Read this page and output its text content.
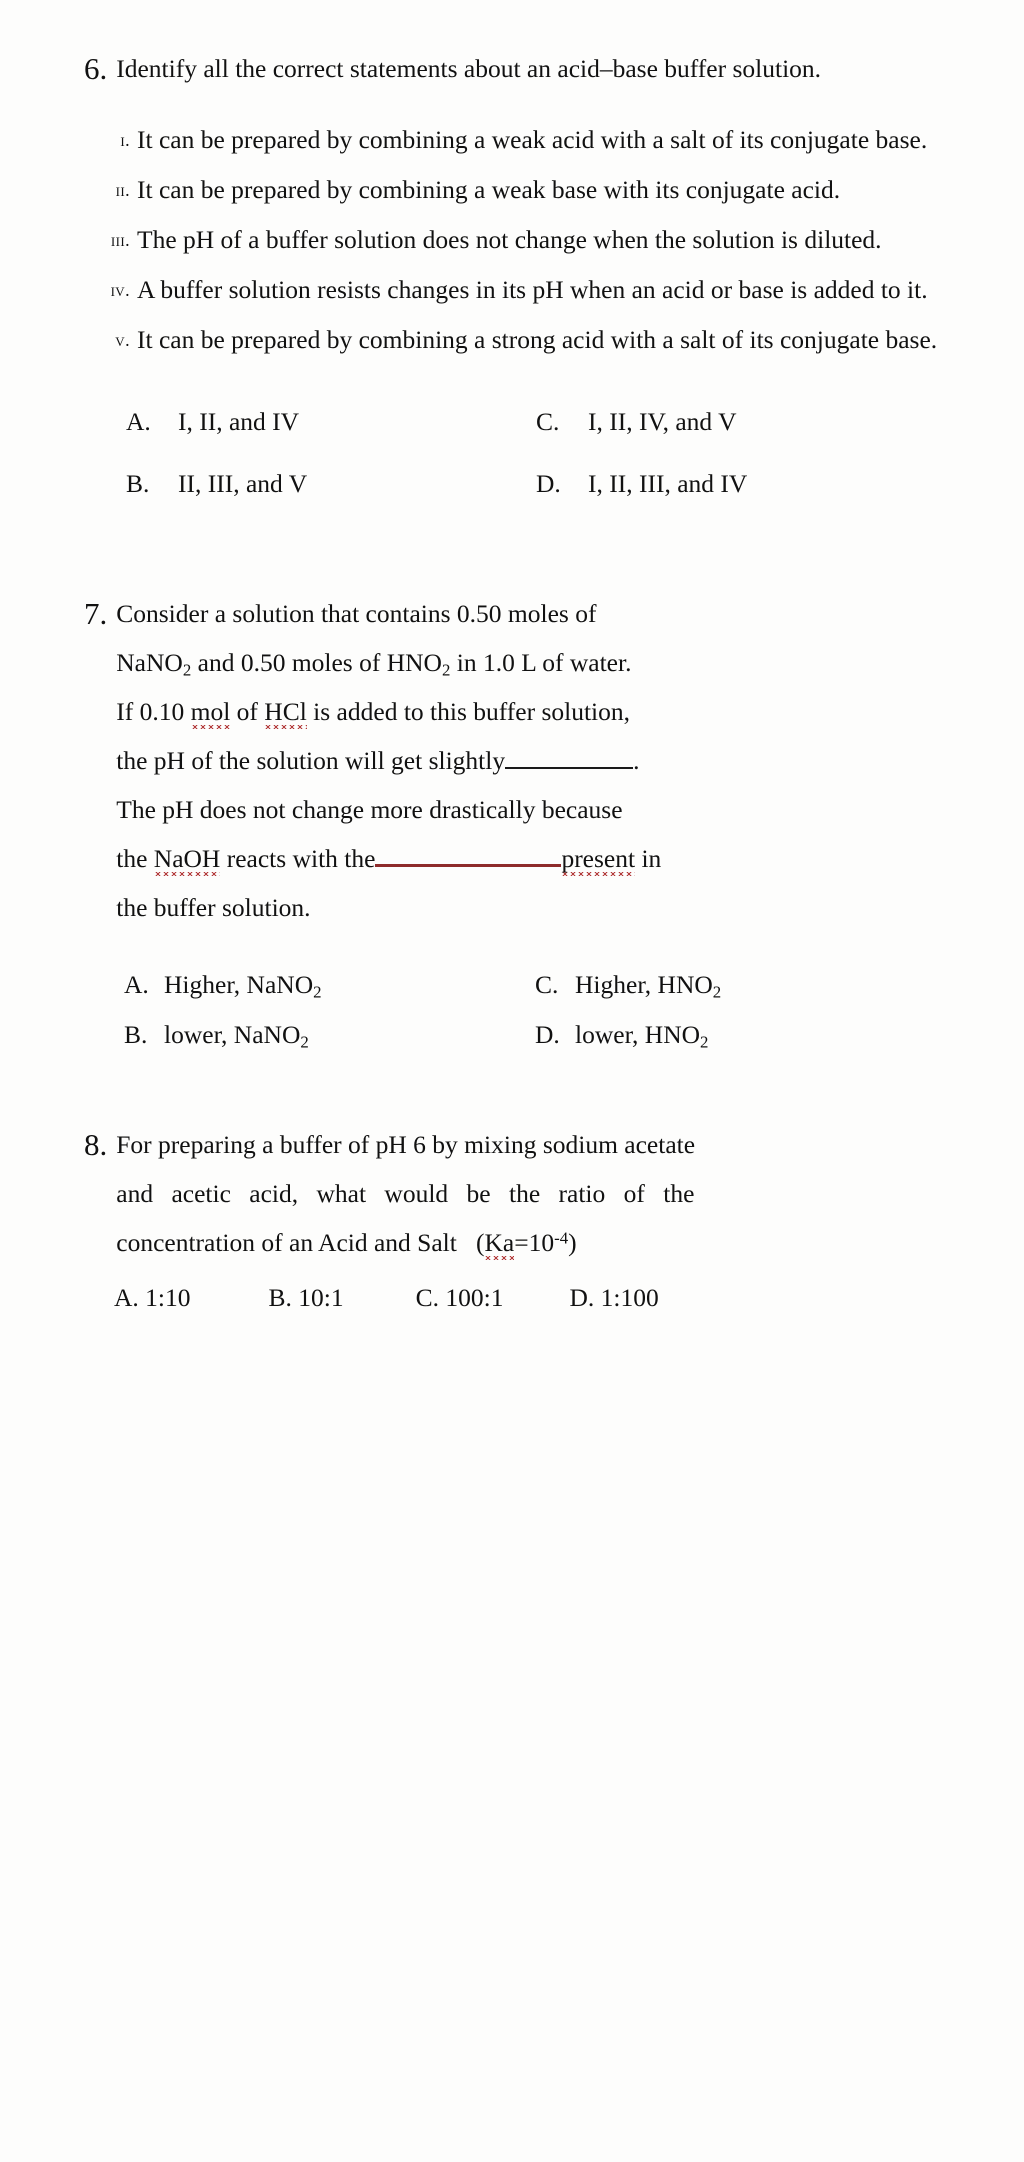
6. Identify all the correct statements about an acid–base buffer solution.
i. It can be prepared by combining a weak acid with a salt of its conjugate base.
ii. It can be prepared by combining a weak base with its conjugate acid.
iii. The pH of a buffer solution does not change when the solution is diluted.
iv. A buffer solution resists changes in its pH when an acid or base is added to it.
v. It can be prepared by combining a strong acid with a salt of its conjugate base.
A.	I, II, and IV	C.	I, II, IV, and V
B.	II, III, and V	D.	I, II, III, and IV
7. Consider a solution that contains 0.50 moles of
NaNO$_2$ and 0.50 moles of $HNO_2$ in 1.0 L of water.
If 0.10 mol of HCl is added to this buffer solution,
the pH of the solution will get slightly	.
The pH does not change more drastically because
the NaOH reacts with the	present in
the buffer solution.
A. Higher, NaNO$_2$	C. Higher, $HNO_2$
B. lower, NaNO$_2$	D. lower, $HNO_2$
8. For preparing a buffer of pH 6 by mixing sodium acetate
and acetic acid, what would be the ratio of the
concentration of an Acid and Salt $(Ka=10^{-4})$
A. 1:10	B. 10:1	C. 100:1	D. 1:100
